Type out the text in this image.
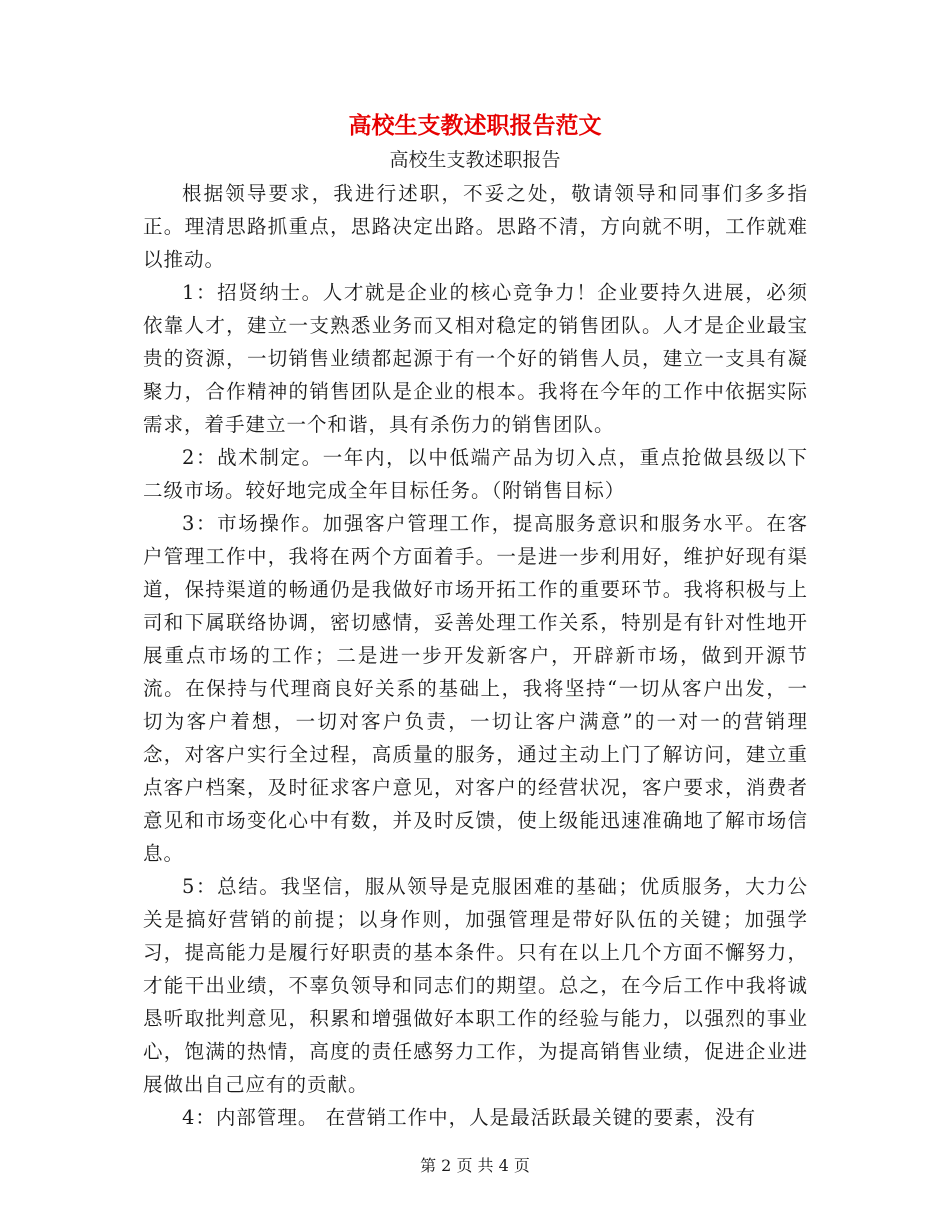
高校生支教述职报告范文
高校生支教述职报告

根据领导要求，我进行述职，不妥之处，敬请领导和同事们多多指正。理清思路抓重点，思路决定出路。思路不清，方向就不明，工作就难以推动。

1：招贤纳士。人才就是企业的核心竞争力！企业要持久进展，必须依靠人才，建立一支熟悉业务而又相对稳定的销售团队。人才是企业最宝贵的资源，一切销售业绩都起源于有一个好的销售人员，建立一支具有凝聚力，合作精神的销售团队是企业的根本。我将在今年的工作中依据实际需求，着手建立一个和谐，具有杀伤力的销售团队。

2：战术制定。一年内，以中低端产品为切入点，重点抢做县级以下二级市场。较好地完成全年目标任务。（附销售目标）

3：市场操作。加强客户管理工作，提高服务意识和服务水平。在客户管理工作中，我将在两个方面着手。一是进一步利用好，维护好现有渠道，保持渠道的畅通仍是我做好市场开拓工作的重要环节。我将积极与上司和下属联络协调，密切感情，妥善处理工作关系，特别是有针对性地开展重点市场的工作；二是进一步开发新客户，开辟新市场，做到开源节流。在保持与代理商良好关系的基础上，我将坚持“一切从客户出发，一切为客户着想，一切对客户负责，一切让客户满意”的一对一的营销理念，对客户实行全过程，高质量的服务，通过主动上门了解访问，建立重点客户档案，及时征求客户意见，对客户的经营状况，客户要求，消费者意见和市场变化心中有数，并及时反馈，使上级能迅速准确地了解市场信息。

5：总结。我坚信，服从领导是克服困难的基础；优质服务，大力公关是搞好营销的前提；以身作则，加强管理是带好队伍的关键；加强学习，提高能力是履行好职责的基本条件。只有在以上几个方面不懈努力，才能干出业绩，不辜负领导和同志们的期望。总之，在今后工作中我将诚恳听取批判意见，积累和增强做好本职工作的经验与能力，以强烈的事业心，饱满的热情，高度的责任感努力工作，为提高销售业绩，促进企业进展做出自己应有的贡献。

4：内部管理。 在营销工作中，人是最活跃最关键的要素，没有

第 2 页 共 4 页
